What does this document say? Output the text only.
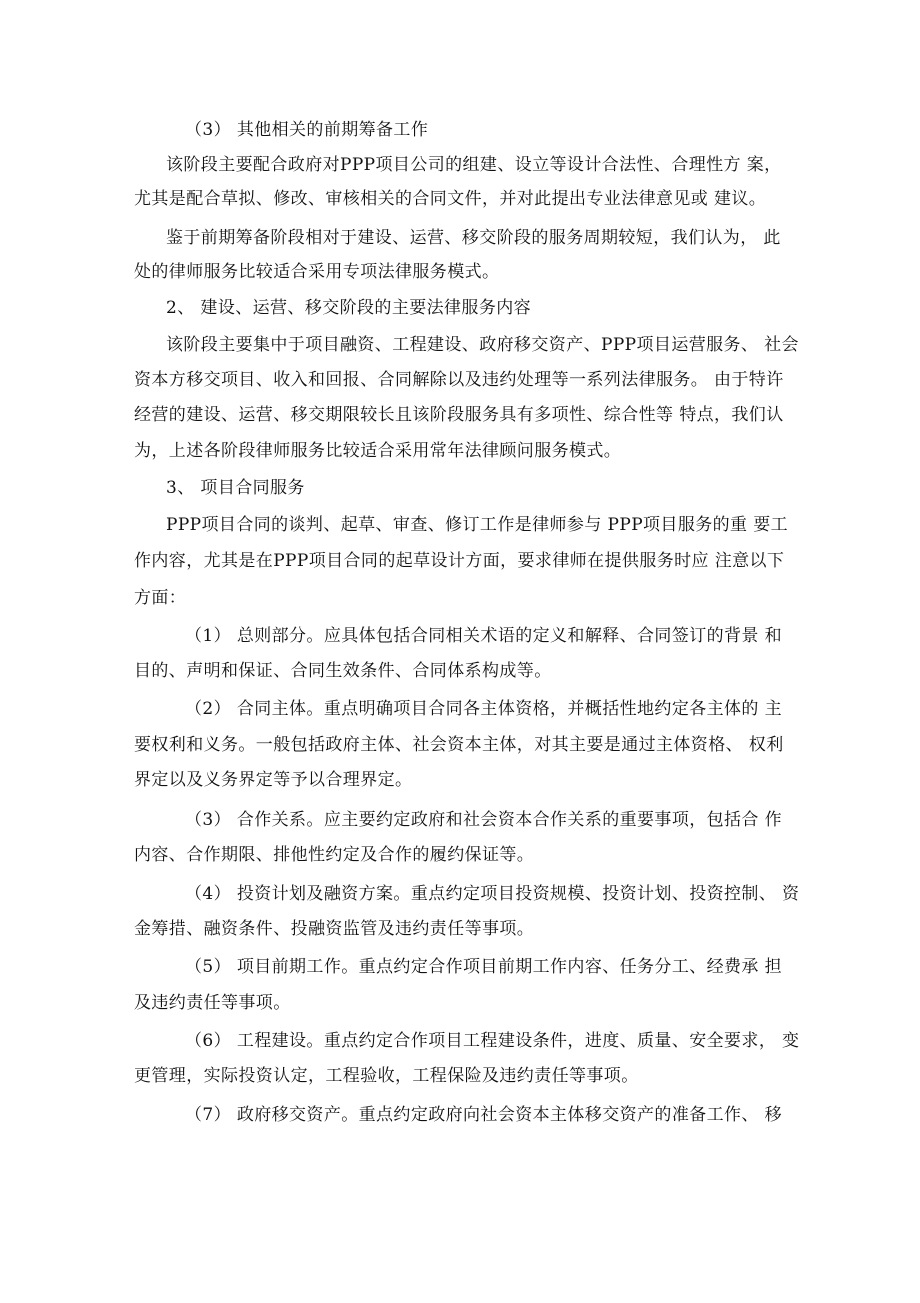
（3） 其他相关的前期筹备工作
该阶段主要配合政府对PPP项目公司的组建、设立等设计合法性、合理性方 案，
尤其是配合草拟、修改、审核相关的合同文件，并对此提出专业法律意见或 建议。
鉴于前期筹备阶段相对于建设、运营、移交阶段的服务周期较短，我们认为， 此
处的律师服务比较适合采用专项法律服务模式。
2、 建设、运营、移交阶段的主要法律服务内容
该阶段主要集中于项目融资、工程建设、政府移交资产、PPP项目运营服务、 社会
资本方移交项目、收入和回报、合同解除以及违约处理等一系列法律服务。 由于特许
经营的建设、运营、移交期限较长且该阶段服务具有多项性、综合性等 特点，我们认
为，上述各阶段律师服务比较适合采用常年法律顾问服务模式。
3、 项目合同服务
PPP项目合同的谈判、起草、审查、修订工作是律师参与 PPP项目服务的重 要工
作内容，尤其是在PPP项目合同的起草设计方面，要求律师在提供服务时应 注意以下
方面：
（1） 总则部分。应具体包括合同相关术语的定义和解释、合同签订的背景 和
目的、声明和保证、合同生效条件、合同体系构成等。
（2） 合同主体。重点明确项目合同各主体资格，并概括性地约定各主体的 主
要权利和义务。一般包括政府主体、社会资本主体，对其主要是通过主体资格、 权利
界定以及义务界定等予以合理界定。
（3） 合作关系。应主要约定政府和社会资本合作关系的重要事项，包括合 作
内容、合作期限、排他性约定及合作的履约保证等。
（4） 投资计划及融资方案。重点约定项目投资规模、投资计划、投资控制、 资
金筹措、融资条件、投融资监管及违约责任等事项。
（5） 项目前期工作。重点约定合作项目前期工作内容、任务分工、经费承 担
及违约责任等事项。
（6） 工程建设。重点约定合作项目工程建设条件，进度、质量、安全要求， 变
更管理，实际投资认定，工程验收，工程保险及违约责任等事项。
（7） 政府移交资产。重点约定政府向社会资本主体移交资产的准备工作、 移
